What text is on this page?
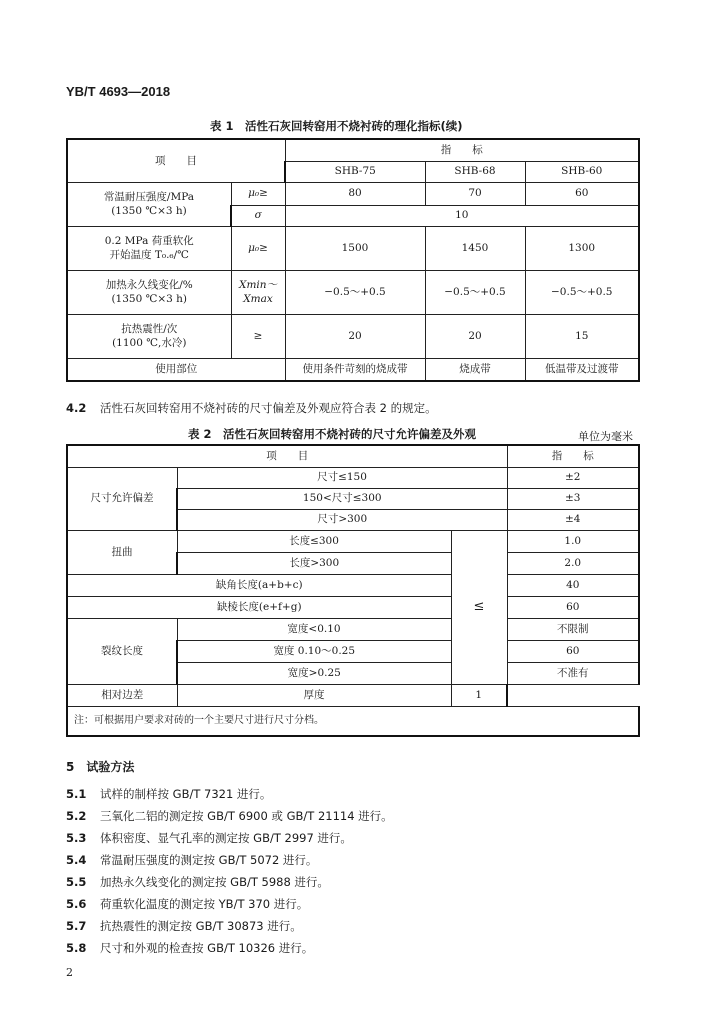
YB/T 4693—2018
表 1　活性石灰回转窑用不烧衬砖的理化指标(续)
项　　目		指　　标		
		SHB-75	SHB-68	SHB-60
常温耐压强度/MPa
(1350 ℃×3 h)	μ₀≥	80	70	60
	σ	10		
0.2 MPa 荷重软化
开始温度 T₀.₆/℃	μ₀≥	1500	1450	1300
加热永久线变化/%
(1350 ℃×3 h)	Xmin～Xmax	−0.5～+0.5	−0.5～+0.5	−0.5～+0.5
抗热震性/次
(1100 ℃,水冷)	≥	20	20	15
使用部位		使用条件苛刻的烧成带	烧成带	低温带及过渡带
4.2 活性石灰回转窑用不烧衬砖的尺寸偏差及外观应符合表 2 的规定。
表 2　活性石灰回转窑用不烧衬砖的尺寸允许偏差及外观	单位为毫米
项　　目			指　　标
尺寸允许偏差	尺寸≤150		±2
	150<尺寸≤300		±3
	尺寸>300		±4
扭曲	长度≤300	≤	1.0
	长度>300		2.0
缺角长度(a+b+c)			40
缺棱长度(e+f+g)			60
裂纹长度	宽度<0.10		不限制
	宽度 0.10～0.25		60
	宽度>0.25		不准有
相对边差	厚度	1	
注：可根据用户要求对砖的一个主要尺寸进行尺寸分档。			
5　试验方法
5.1 试样的制样按 GB/T 7321 进行。
5.2 三氧化二铝的测定按 GB/T 6900 或 GB/T 21114 进行。
5.3 体积密度、显气孔率的测定按 GB/T 2997 进行。
5.4 常温耐压强度的测定按 GB/T 5072 进行。
5.5 加热永久线变化的测定按 GB/T 5988 进行。
5.6 荷重软化温度的测定按 YB/T 370 进行。
5.7 抗热震性的测定按 GB/T 30873 进行。
5.8 尺寸和外观的检查按 GB/T 10326 进行。
2
